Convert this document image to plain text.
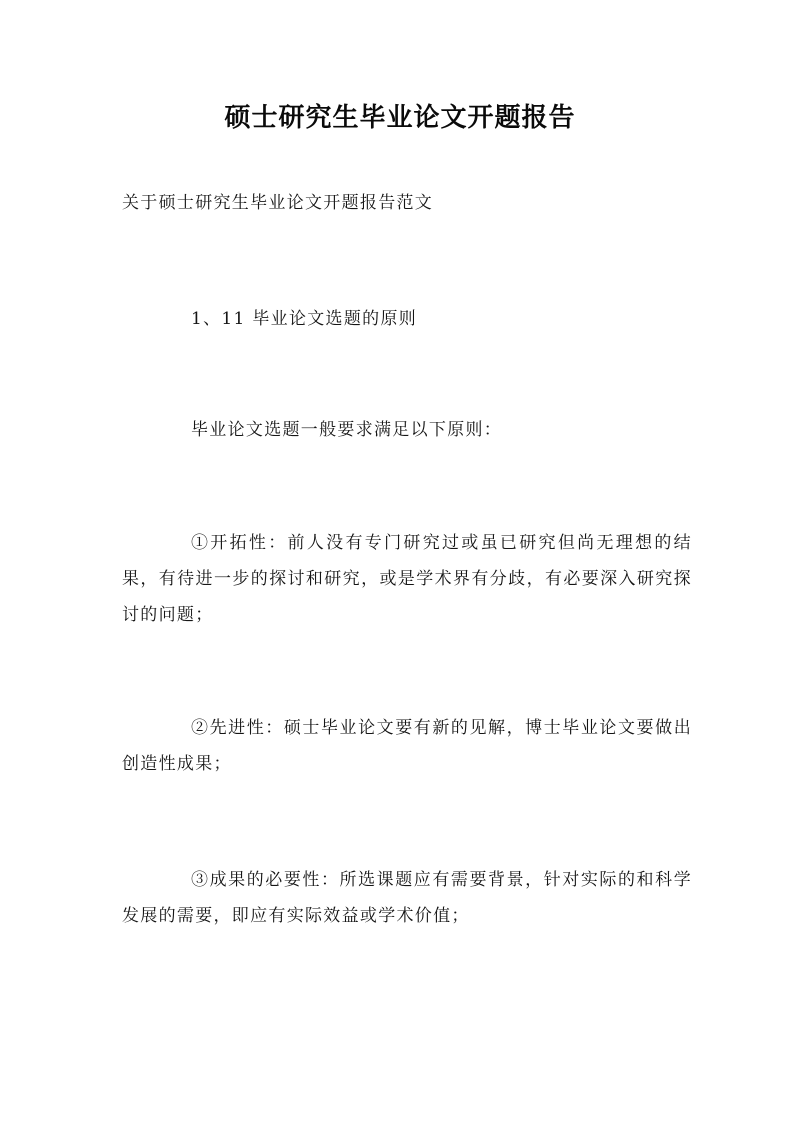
硕士研究生毕业论文开题报告
关于硕士研究生毕业论文开题报告范文
1、11 毕业论文选题的原则
毕业论文选题一般要求满足以下原则：
①开拓性：前人没有专门研究过或虽已研究但尚无理想的结果，有待进一步的探讨和研究，或是学术界有分歧，有必要深入研究探讨的问题；
②先进性：硕士毕业论文要有新的见解，博士毕业论文要做出创造性成果；
③成果的必要性：所选课题应有需要背景，针对实际的和科学发展的需要，即应有实际效益或学术价值；
